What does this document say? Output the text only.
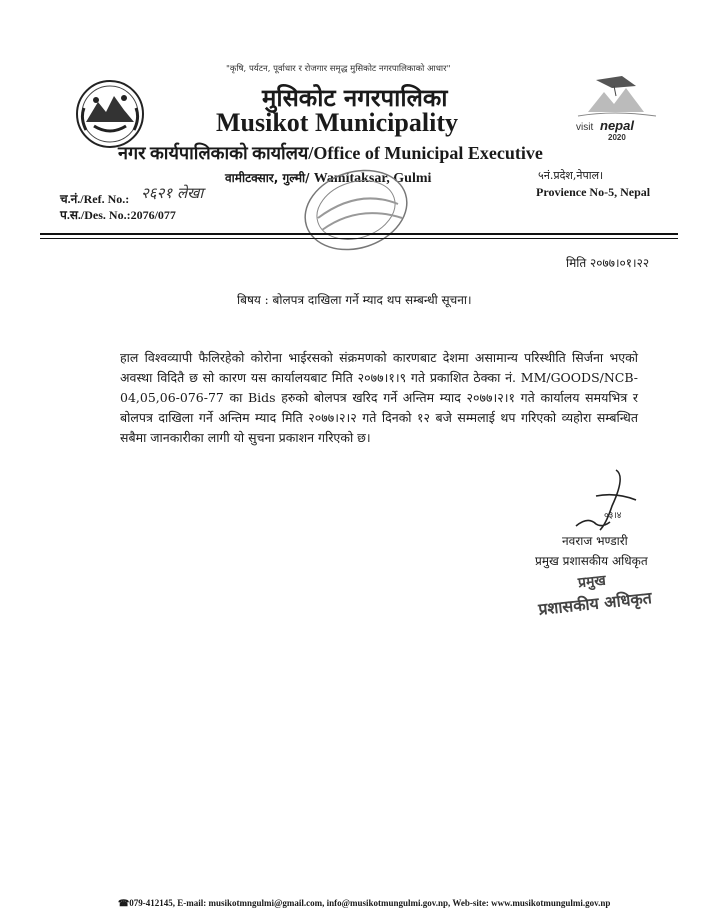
"कृषि, पर्यटन, पूर्वाधार र रोजगार समृद्ध मुसिकोट नगरपालिकाको आधार"
मुसिकोट नगरपालिका
Musikot Municipality
नगर कार्यपालिकाको कार्यालय/Office of Municipal Executive
वामीटक्सार, गुल्मी/ Wamitaksar, Gulmi
visit nepal
2020
५नं.प्रदेश,नेपाल।
Provience No-5, Nepal
च.नं./Ref. No.: २६२१ लेखा
प.स./Des. No.:2076/077
मिति २०७७।०१।२२
बिषय : बोलपत्र दाखिला गर्ने म्याद थप सम्बन्धी सूचना।
हाल विश्वव्यापी फैलिरहेको कोरोना भाईरसको संक्रमणको कारणबाट देशमा असामान्य परिस्थीति सिर्जना भएको अवस्था विदितै छ सो कारण यस कार्यालयबाट मिति २०७७।१।९ गते प्रकाशित ठेक्का नं. MM/GOODS/NCB-04,05,06-076-77 का Bids हरुको बोलपत्र खरिद गर्ने अन्तिम म्याद २०७७।२।१ गते कार्यालय समयभित्र र बोलपत्र दाखिला गर्ने अन्तिम म्याद मिति २०७७।२।२ गते दिनको १२ बजे सम्मलाई थप गरिएको व्यहोरा सम्बन्धित सबैमा जानकारीका लागी यो सुचना प्रकाशन गरिएको छ।
०३।४
नवराज भण्डारी
प्रमुख प्रशासकीय अधिकृत
प्रमुख
प्रशासकीय अधिकृत
☎079-412145, E-mail: musikotmngulmi@gmail.com, info@musikotmungulmi.gov.np, Web-site: www.musikotmungulmi.gov.np
